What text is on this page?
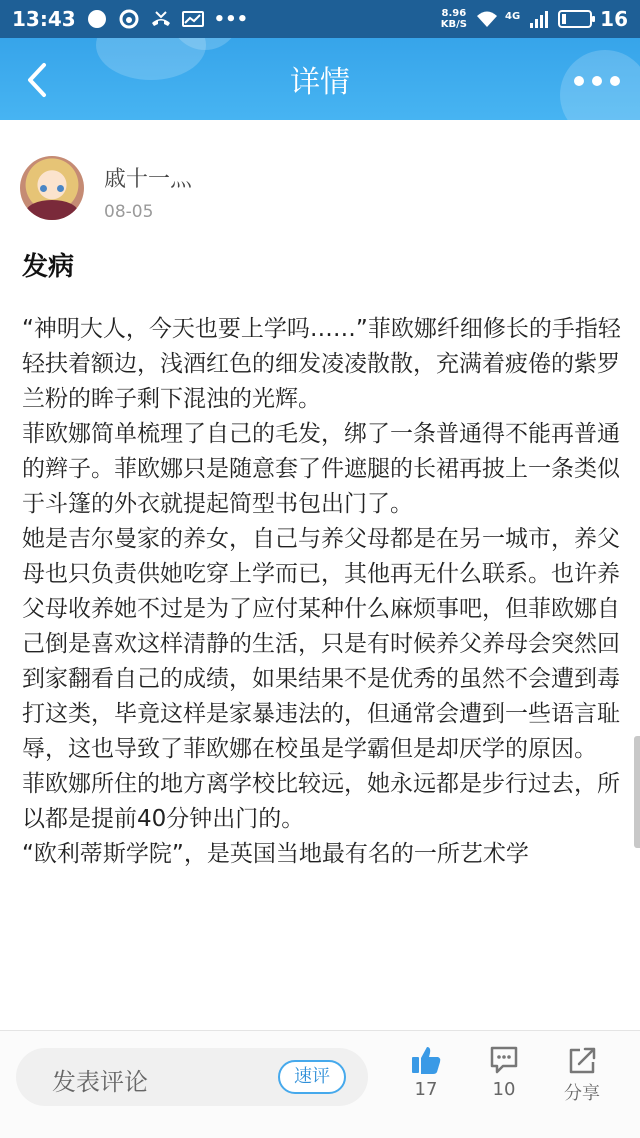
13:43	•••	8.96
KB/S
4G	16
详情
戚十一灬
08-05
发病

“神明大人，今天也要上学吗……”菲欧娜纤细修长的手指轻轻扶着额边，浅酒红色的细发凌凌散散，充满着疲倦的紫罗兰粉的眸子剩下混浊的光辉。

菲欧娜简单梳理了自己的毛发，绑了一条普通得不能再普通的辫子。菲欧娜只是随意套了件遮腿的长裙再披上一条类似于斗篷的外衣就提起简型书包出门了。

她是吉尔曼家的养女，自己与养父母都是在另一城市，养父母也只负责供她吃穿上学而已，其他再无什么联系。也许养父母收养她不过是为了应付某种什么麻烦事吧，但菲欧娜自己倒是喜欢这样清静的生活，只是有时候养父养母会突然回到家翻看自己的成绩，如果结果不是优秀的虽然不会遭到毒打这类，毕竟这样是家暴违法的，但通常会遭到一些语言耻辱，这也导致了菲欧娜在校虽是学霸但是却厌学的原因。

菲欧娜所住的地方离学校比较远，她永远都是步行过去，所以都是提前40分钟出门的。

“欧利蒂斯学院”，是英国当地最有名的一所艺术学

发表评论	速评
17	10	分享
